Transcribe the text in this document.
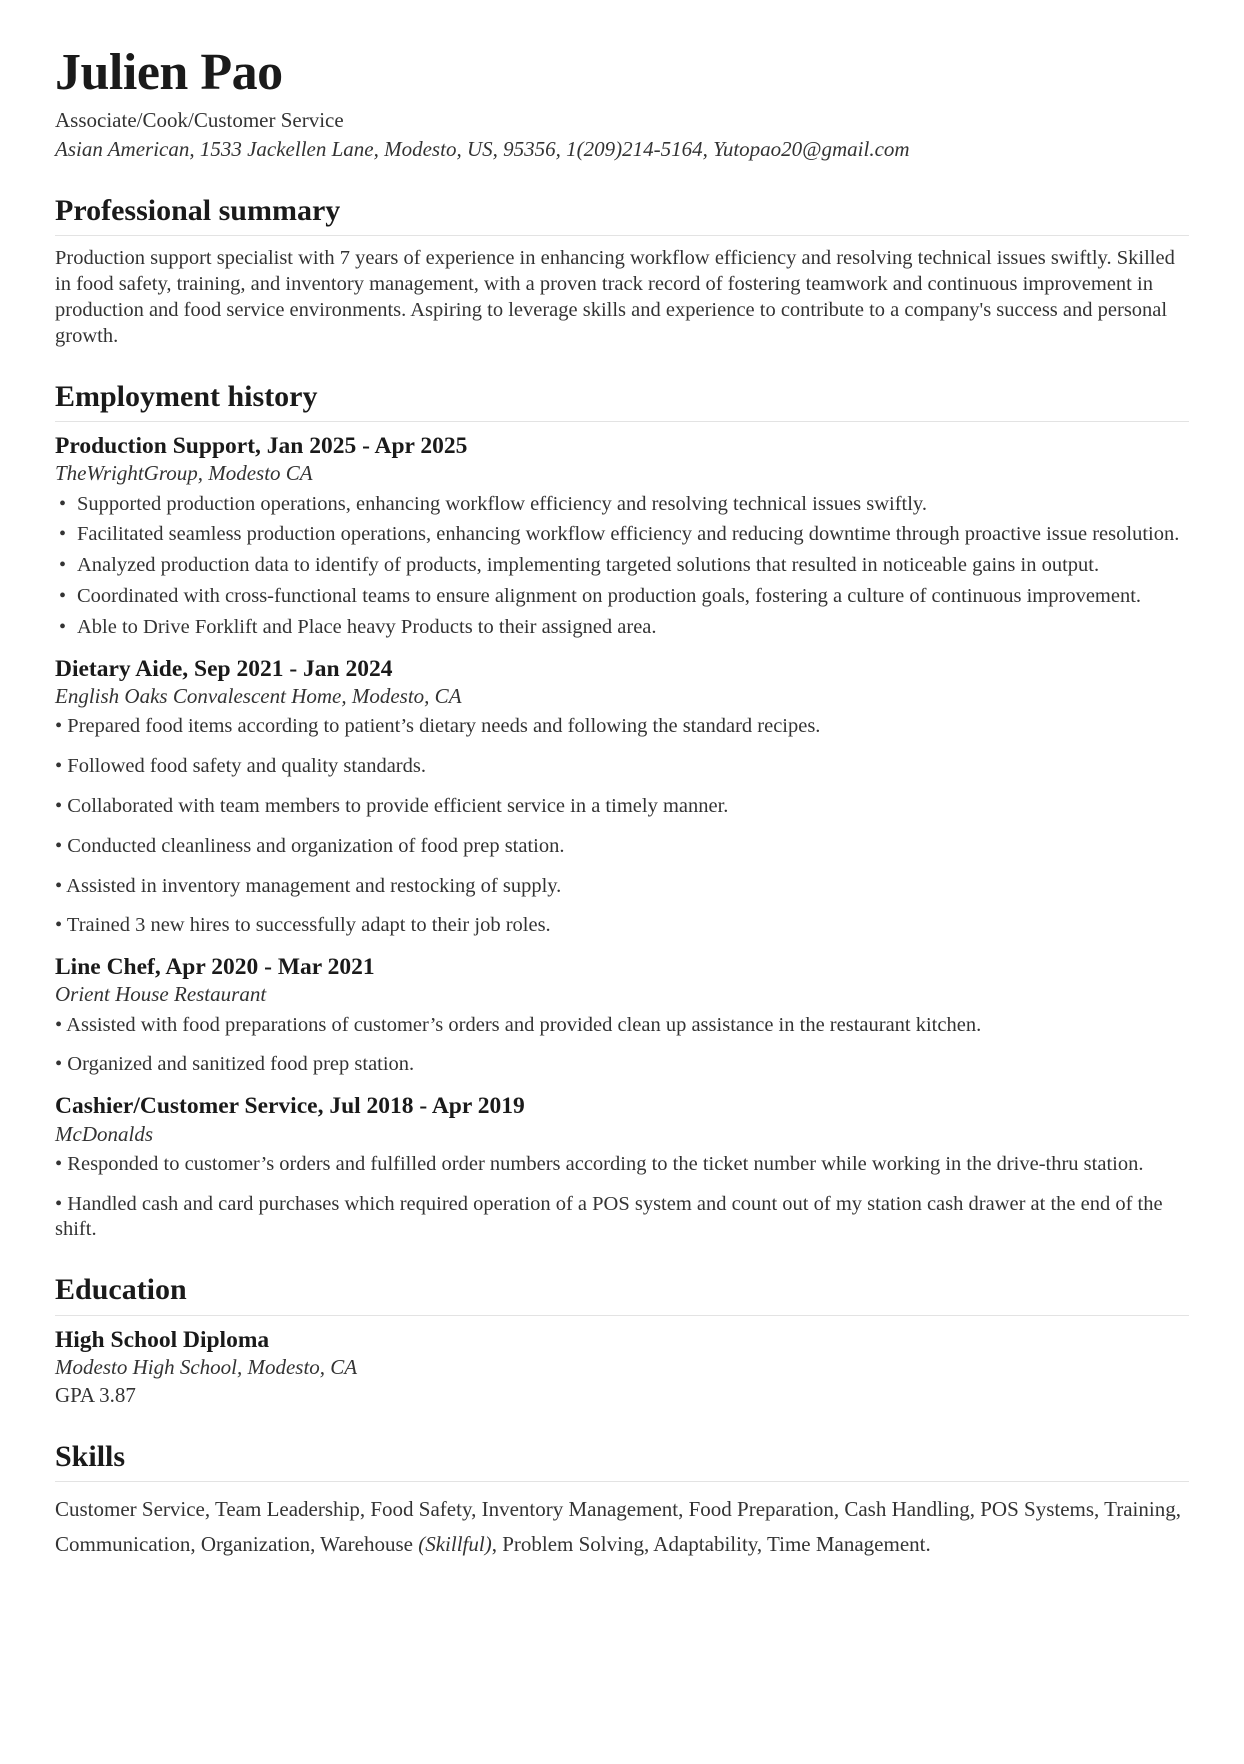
Julien Pao
Associate/Cook/Customer Service
Asian American, 1533 Jackellen Lane, Modesto, US, 95356, 1(209)214-5164, Yutopao20@gmail.com
Professional summary

Production support specialist with 7 years of experience in enhancing workflow efficiency and resolving technical issues swiftly. Skilled in food safety, training, and inventory management, with a proven track record of fostering teamwork and continuous improvement in production and food service environments. Aspiring to leverage skills and experience to contribute to a company's success and personal growth.

Employment history
Production Support, Jan 2025 - Apr 2025
TheWrightGroup, Modesto CA
• Supported production operations, enhancing workflow efficiency and resolving technical issues swiftly.
• Facilitated seamless production operations, enhancing workflow efficiency and reducing downtime through proactive issue resolution.
• Analyzed production data to identify of products, implementing targeted solutions that resulted in noticeable gains in output.
• Coordinated with cross-functional teams to ensure alignment on production goals, fostering a culture of continuous improvement.
• Able to Drive Forklift and Place heavy Products to their assigned area.
Dietary Aide, Sep 2021 - Jan 2024
English Oaks Convalescent Home, Modesto, CA

• Prepared food items according to patient’s dietary needs and following the standard recipes.

• Followed food safety and quality standards.

• Collaborated with team members to provide efficient service in a timely manner.

• Conducted cleanliness and organization of food prep station.

• Assisted in inventory management and restocking of supply.

• Trained 3 new hires to successfully adapt to their job roles.

Line Chef, Apr 2020 - Mar 2021
Orient House Restaurant

• Assisted with food preparations of customer’s orders and provided clean up assistance in the restaurant kitchen.

• Organized and sanitized food prep station.

Cashier/Customer Service, Jul 2018 - Apr 2019
McDonalds

• Responded to customer’s orders and fulfilled order numbers according to the ticket number while working in the drive-thru station.

• Handled cash and card purchases which required operation of a POS system and count out of my station cash drawer at the end of the shift.

Education
High School Diploma
Modesto High School, Modesto, CA
GPA 3.87
Skills

Customer Service, Team Leadership, Food Safety, Inventory Management, Food Preparation, Cash Handling, POS Systems, Training, Communication, Organization, Warehouse (Skillful), Problem Solving, Adaptability, Time Management.
